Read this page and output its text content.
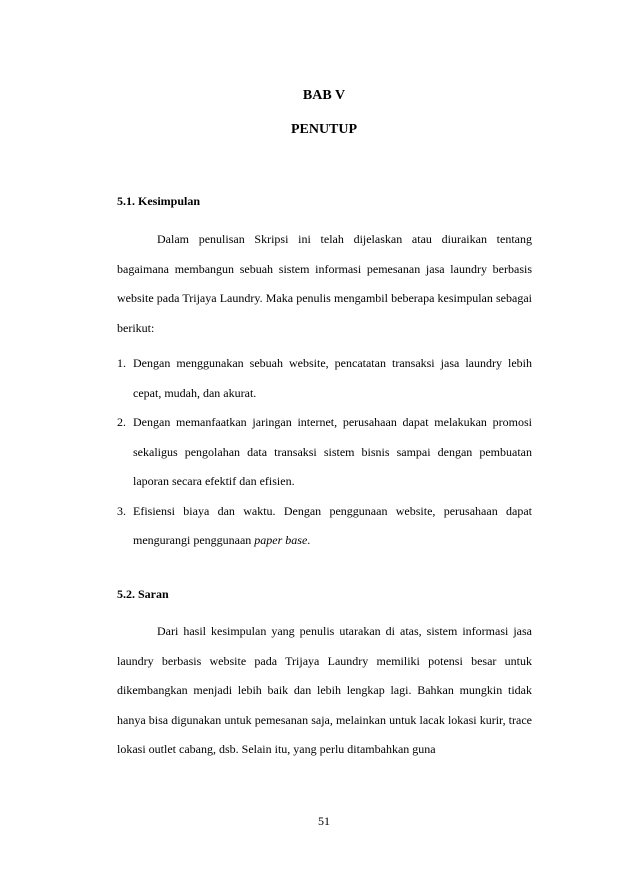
BAB V
PENUTUP
5.1. Kesimpulan

Dalam penulisan Skripsi ini telah dijelaskan atau diuraikan tentang bagaimana membangun sebuah sistem informasi pemesanan jasa laundry berbasis website pada Trijaya Laundry. Maka penulis mengambil beberapa kesimpulan sebagai berikut:

1. Dengan menggunakan sebuah website, pencatatan transaksi jasa laundry lebih cepat, mudah, dan akurat.
2. Dengan memanfaatkan jaringan internet, perusahaan dapat melakukan promosi sekaligus pengolahan data transaksi sistem bisnis sampai dengan pembuatan laporan secara efektif dan efisien.
3. Efisiensi biaya dan waktu. Dengan penggunaan website, perusahaan dapat mengurangi penggunaan paper base.
5.2. Saran

Dari hasil kesimpulan yang penulis utarakan di atas, sistem informasi jasa laundry berbasis website pada Trijaya Laundry memiliki potensi besar untuk dikembangkan menjadi lebih baik dan lebih lengkap lagi. Bahkan mungkin tidak hanya bisa digunakan untuk pemesanan saja, melainkan untuk lacak lokasi kurir, trace lokasi outlet cabang, dsb. Selain itu, yang perlu ditambahkan guna

51
